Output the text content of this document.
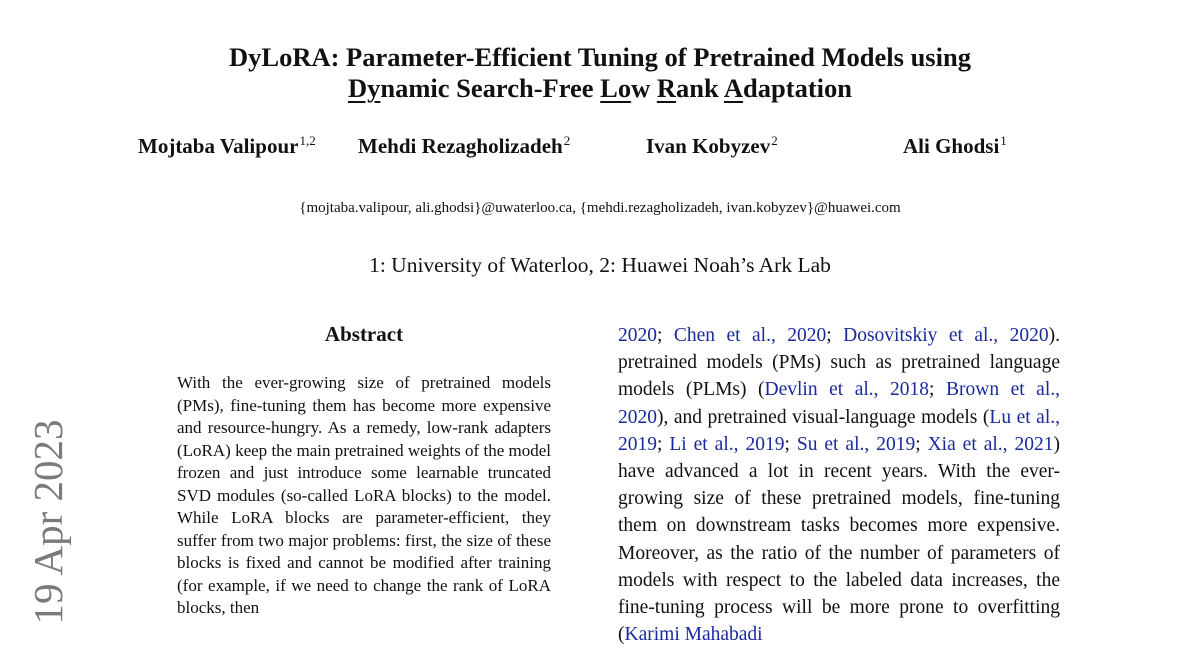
DyLoRA: Parameter-Efficient Tuning of Pretrained Models using
Dynamic Search-Free Low Rank Adaptation
Mojtaba Valipour$^{1,2}$ Mehdi Rezagholizadeh$^2$	Ivan Kobyzev$^2$	Ali Ghodsi$^1$
{mojtaba.valipour, ali.ghodsi}@uwaterloo.ca, {mehdi.rezagholizadeh, ivan.kobyzev}@huawei.com
1: University of Waterloo, 2: Huawei Noah’s Ark Lab
Abstract

With the ever-growing size of pretrained models (PMs), fine-tuning them has become more expensive and resource-hungry. As a remedy, low-rank adapters (LoRA) keep the main pretrained weights of the model frozen and just introduce some learnable truncated SVD modules (so-called LoRA blocks) to the model. While LoRA blocks are parameter-efficient, they suffer from two major problems: first, the size of these blocks is fixed and cannot be modified after training (for example, if we need to change the rank of LoRA blocks, then

2020; Chen et al., 2020; Dosovitskiy et al., 2020). pretrained models (PMs) such as pretrained language models (PLMs) (Devlin et al., 2018; Brown et al., 2020), and pretrained visual-language models (Lu et al., 2019; Li et al., 2019; Su et al., 2019; Xia et al., 2021) have advanced a lot in recent years. With the ever-growing size of these pretrained models, fine-tuning them on downstream tasks becomes more expensive. Moreover, as the ratio of the number of parameters of models with respect to the labeled data increases, the fine-tuning process will be more prone to overfitting (Karimi Mahabadi

19 Apr 2023
